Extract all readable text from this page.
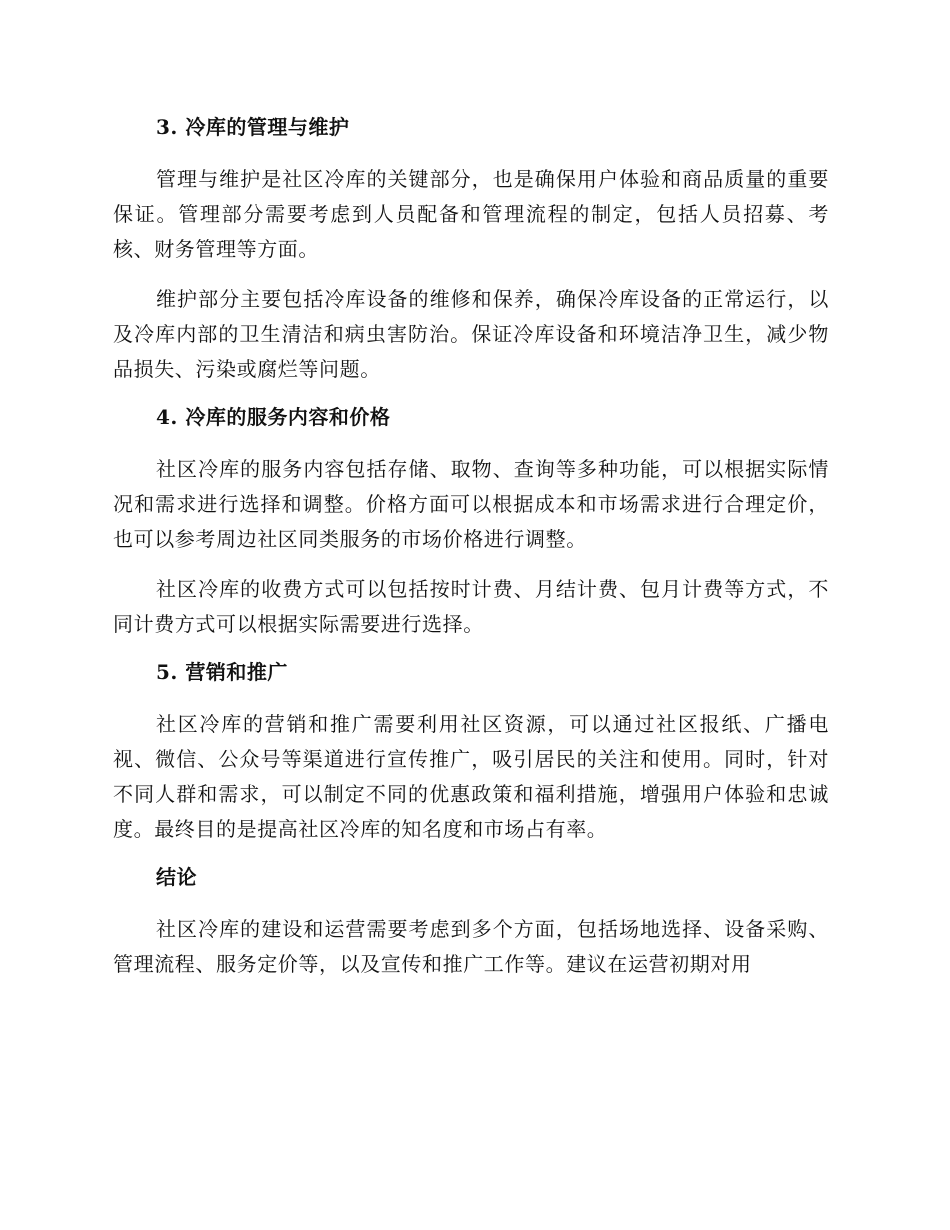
3. 冷库的管理与维护

管理与维护是社区冷库的关键部分，也是确保用户体验和商品质量的重要保证。管理部分需要考虑到人员配备和管理流程的制定，包括人员招募、考核、财务管理等方面。

维护部分主要包括冷库设备的维修和保养，确保冷库设备的正常运行，以及冷库内部的卫生清洁和病虫害防治。保证冷库设备和环境洁净卫生，减少物品损失、污染或腐烂等问题。

4. 冷库的服务内容和价格

社区冷库的服务内容包括存储、取物、查询等多种功能，可以根据实际情况和需求进行选择和调整。价格方面可以根据成本和市场需求进行合理定价，也可以参考周边社区同类服务的市场价格进行调整。

社区冷库的收费方式可以包括按时计费、月结计费、包月计费等方式，不同计费方式可以根据实际需要进行选择。

5. 营销和推广

社区冷库的营销和推广需要利用社区资源，可以通过社区报纸、广播电视、微信、公众号等渠道进行宣传推广，吸引居民的关注和使用。同时，针对不同人群和需求，可以制定不同的优惠政策和福利措施，增强用户体验和忠诚度。最终目的是提高社区冷库的知名度和市场占有率。

结论

社区冷库的建设和运营需要考虑到多个方面，包括场地选择、设备采购、管理流程、服务定价等，以及宣传和推广工作等。建议在运营初期对用
